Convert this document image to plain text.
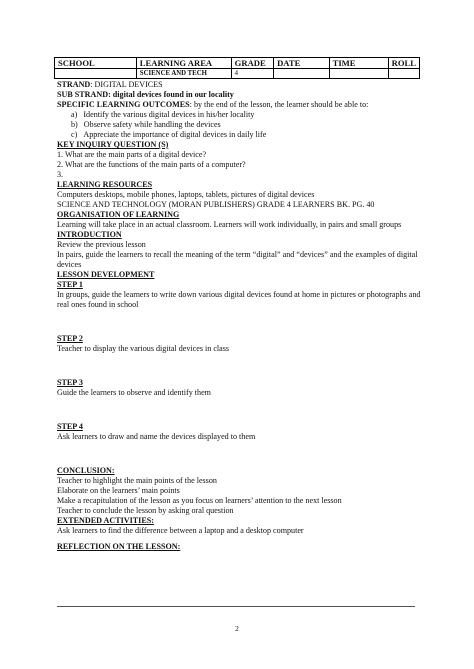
SCHOOL	LEARNING AREA	GRADE	DATE	TIME	ROLL
	SCIENCE AND TECH	4			
STRAND: DIGITAL DEVICES
SUB STRAND: digital devices found in our locality
SPECIFIC LEARNING OUTCOMES: by the end of the lesson, the learner should be able to:
a)   Identify the various digital devices in his/her locality
b)   Observe safety while handling the devices
c)   Appreciate the importance of digital devices in daily life
KEY INQUIRY QUESTION (S)
1. What are the main parts of a digital device?
2. What are the functions of the main parts of a computer?
3.
LEARNING RESOURCES
Computers desktops, mobile phones, laptops, tablets, pictures of digital devices
SCIENCE AND TECHNOLOGY (MORAN PUBLISHERS) GRADE 4 LEARNERS BK. PG. 40
ORGANISATION OF LEARNING
Learning will take place in an actual classroom. Learners will work individually, in pairs and small groups
INTRODUCTION
Review the previous lesson
In pairs, guide the learners to recall the meaning of the term “digital” and “devices” and the examples of digital devices
LESSON DEVELOPMENT
STEP 1
In groups, guide the learners to write down various digital devices found at home in pictures or photographs and real ones found in school
STEP 2
Teacher to display the various digital devices in class
STEP 3
Guide the learners to observe and identify them
STEP 4
Ask learners to draw and name the devices displayed to them
CONCLUSION:
Teacher to highlight the main points of the lesson
Elaborate on the learners’ main points
Make a recapitulation of the lesson as you focus on learners’ attention to the next lesson
Teacher to conclude the lesson by asking oral question
EXTENDED ACTIVITIES:
Ask learners to find the difference between a laptop and a desktop computer
REFLECTION ON THE LESSON:
2
